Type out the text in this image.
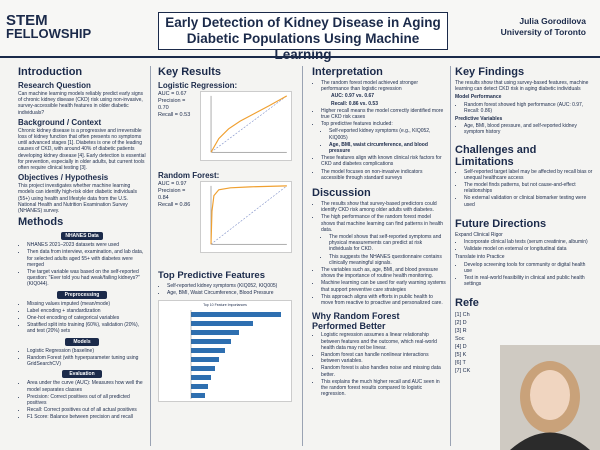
STEM
FELLOWSHIP
Early Detection of Kidney Disease in Aging
Diabetic Populations Using Machine Learning
Julia Gorodilova
University of Toronto
Introduction
Research Question

Can machine learning models reliably predict early signs of chronic kidney disease (CKD) risk using non-invasive, survey-accessible health features in older diabetic individuals?

Background / Context

Chronic kidney disease is a progressive and irreversible loss of kidney function that often presents no symptoms until advanced stages [1]. Diabetes is one of the leading causes of CKD, with around 40% of diabetic patients developing kidney disease [4]. Early detection is essential for prevention, especially in older adults, but current tools often require clinical testing [3].

Objectives / Hypothesis

This project investigates whether machine learning models can identify high-risk older diabetic individuals (55+) using health and lifestyle data from the U.S. National Health and Nutrition Examination Survey (NHANES) survey.

Methods
NHANES Data
• NHANES 2021–2023 datasets were used
• Then data from interview, examination, and lab data, for selected adults aged 55+ with diabetes were merged
• The target variable was based on the self-reported question: "Ever told you had weak/failing kidneys?" (KIQ044).
Preprocessing
• Missing values imputed (mean/mode)
• Label encoding + standardization
• One-hot encoding of categorical variables
• Stratified split into training (60%), validation (20%), and test (20%) sets
Models
• Logistic Regression (baseline)
• Random Forest (with hyperparameter tuning using GridSearchCV)
Evaluation
• Area under the curve (AUC): Measures how well the model separates classes
• Precision: Correct positives out of all predicted positives
• Recall: Correct positives out of all actual positives
• F1 Score: Balance between precision and recall
Key Results
Logistic Regression:
AUC = 0.67
Precision = 0.70
Recall = 0.53
Random Forest:
AUC = 0.97
Precision = 0.84
Recall = 0.86
Top Predictive Features
• Self-reported kidney symptoms (KIQ052, KIQ005)
• Age, BMI, Waist Circumference, Blood Pressure
Top 10 Feature Importances
Interpretation
• The random forest model achieved stronger performance than logistic regression
AUC: 0.97 vs. 0.67
Recall: 0.86 vs. 0.53
• Higher recall means the model correctly identified more true CKD risk cases
• Top predictive features included:
• Self-reported kidney symptoms (e.g., KIQ052, KIQ005)
• Age, BMI, waist circumference, and blood pressure
• These features align with known clinical risk factors for CKD and diabetes complications
• The model focuses on non-invasive indicators accessible through standard surveys
Discussion
• The results show that survey-based predictors could identify CKD risk among older adults with diabetes.
• The high performance of the random forest model shows that machine learning can find patterns in health data.
• The model shows that self-reported symptoms and physical measurements can predict at risk individuals for CKD.
• This suggests the NHANES questionnaire contains clinically meaningful signals.
• The variables such as, age, BMI, and blood pressure shows the importance of routine health monitoring.
• Machine learning can be used for early warning systems that support preventive care strategies
• This approach aligns with efforts in public health to move from reactive to proactive and personalized care.
Why Random Forest
Performed Better
• Logistic regression assumes a linear relationship between features and the outcome, which real-world health data may not be linear.
• Random forest can handle nonlinear interactions between variables.
• Random forest is also handles noise and missing data better.
• This explains the much higher recall and AUC seen in the random forest results compared to logistic regression.
Key Findings

The results show that using survey-based features, machine learning can detect CKD risk in aging diabetic individuals

Model Performance
• Random forest showed high performance (AUC: 0.97, Recall: 0.86)
Predictive Variables
• Age, BMI, blood pressure, and self-reported kidney symptom history
Challenges and
Limitations
• Self-reported target label may be affected by recall bias or unequal healthcare access
• The model finds patterns, but not cause-and-effect relationships
• No external validation or clinical biomarker testing were used
Future Directions
Expand Clinical Rigor
• Incorporate clinical lab tests (serum creatinine, albumin)
• Validate model on external or longitudinal data
Translate into Practice
• Develop screening tools for community or digital health use
• Test in real-world feasibility in clinical and public health settings
Refe
[1] Ch
[2] D
[3] R
Soc
[4] D
[5] K
[6] T
[7] CK
